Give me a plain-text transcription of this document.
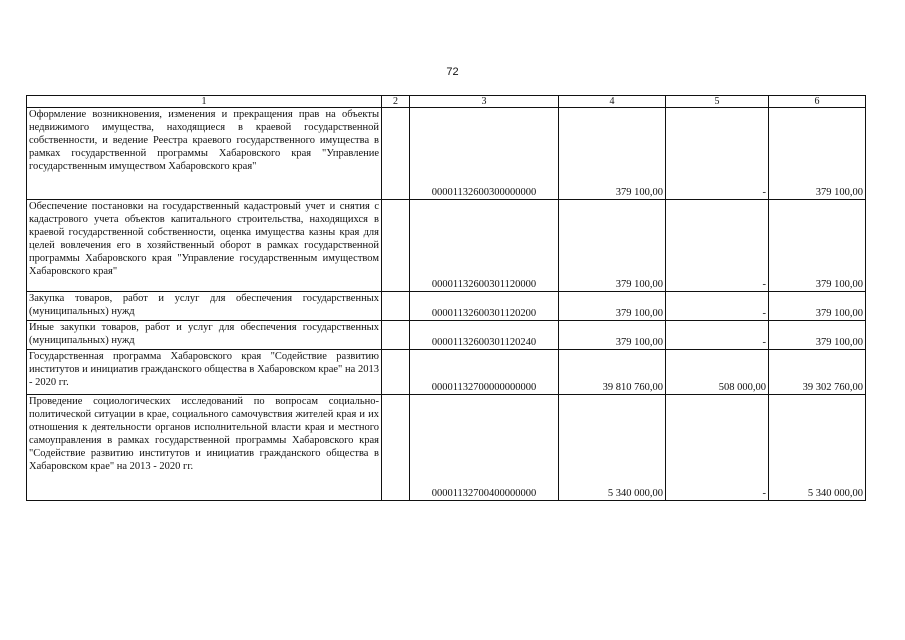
72
1	2	3	4	5	6

Оформление возникновения, изменения и прекращения прав на объекты недвижимого имущества, находящиеся в краевой государственной собственности, и ведение Реестра краевого государственного имущества в рамках государственной программы Хабаровского края "Управление государственным имуществом Хабаровского края"		00001132600300000000	379 100,00	-	379 100,00

Обеспечение постановки на государственный кадастровый учет и снятия с кадастрового учета объектов капитального строительства, находящихся в краевой государственной собственности, оценка имущества казны края для целей вовлечения его в хозяйственный оборот в рамках государственной программы Хабаровского края "Управление государственным имуществом Хабаровского края"		00001132600301120000	379 100,00	-	379 100,00

Закупка товаров, работ и услуг для обеспечения государственных (муниципальных) нужд		00001132600301120200	379 100,00	-	379 100,00

Иные закупки товаров, работ и услуг для обеспечения государственных (муниципальных) нужд		00001132600301120240	379 100,00	-	379 100,00

Государственная программа Хабаровского края "Содействие развитию институтов и инициатив гражданского общества в Хабаровском крае" на 2013 - 2020 гг.		00001132700000000000	39 810 760,00	508 000,00	39 302 760,00

Проведение социологических исследований по вопросам социально-политической ситуации в крае, социального самочувствия жителей края и их отношения к деятельности органов исполнительной власти края и местного самоуправления в рамках государственной программы Хабаровского края "Содействие развитию институтов и инициатив гражданского общества в Хабаровском крае" на 2013 - 2020 гг.		00001132700400000000	5 340 000,00	-	5 340 000,00
